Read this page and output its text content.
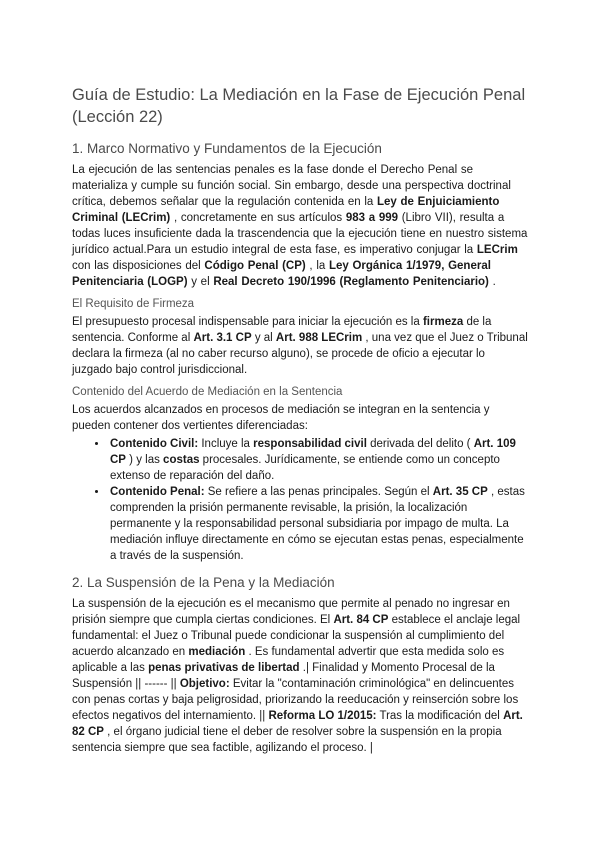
Guía de Estudio: La Mediación en la Fase de Ejecución Penal (Lección 22)
1. Marco Normativo y Fundamentos de la Ejecución

La ejecución de las sentencias penales es la fase donde el Derecho Penal se materializa y cumple su función social. Sin embargo, desde una perspectiva doctrinal crítica, debemos señalar que la regulación contenida en la Ley de Enjuiciamiento Criminal (LECrim) , concretamente en sus artículos 983 a 999 (Libro VII), resulta a todas luces insuficiente dada la trascendencia que la ejecución tiene en nuestro sistema jurídico actual.Para un estudio integral de esta fase, es imperativo conjugar la LECrim con las disposiciones del Código Penal (CP) , la Ley Orgánica 1/1979, General Penitenciaria (LOGP) y el Real Decreto 190/1996 (Reglamento Penitenciario) .

El Requisito de Firmeza

El presupuesto procesal indispensable para iniciar la ejecución es la firmeza de la sentencia. Conforme al Art. 3.1 CP y al Art. 988 LECrim , una vez que el Juez o Tribunal declara la firmeza (al no caber recurso alguno), se procede de oficio a ejecutar lo juzgado bajo control jurisdiccional.

Contenido del Acuerdo de Mediación en la Sentencia

Los acuerdos alcanzados en procesos de mediación se integran en la sentencia y pueden contener dos vertientes diferenciadas:

• Contenido Civil: Incluye la responsabilidad civil derivada del delito ( Art. 109 CP ) y las costas procesales. Jurídicamente, se entiende como un concepto extenso de reparación del daño.
• Contenido Penal: Se refiere a las penas principales. Según el Art. 35 CP , estas comprenden la prisión permanente revisable, la prisión, la localización permanente y la responsabilidad personal subsidiaria por impago de multa. La mediación influye directamente en cómo se ejecutan estas penas, especialmente a través de la suspensión.
2. La Suspensión de la Pena y la Mediación

La suspensión de la ejecución es el mecanismo que permite al penado no ingresar en prisión siempre que cumpla ciertas condiciones. El Art. 84 CP establece el anclaje legal fundamental: el Juez o Tribunal puede condicionar la suspensión al cumplimiento del acuerdo alcanzado en mediación . Es fundamental advertir que esta medida solo es aplicable a las penas privativas de libertad .| Finalidad y Momento Procesal de la Suspensión || ------ || Objetivo: Evitar la "contaminación criminológica" en delincuentes con penas cortas y baja peligrosidad, priorizando la reeducación y reinserción sobre los efectos negativos del internamiento. || Reforma LO 1/2015: Tras la modificación del Art. 82 CP , el órgano judicial tiene el deber de resolver sobre la suspensión en la propia sentencia siempre que sea factible, agilizando el proceso. |
